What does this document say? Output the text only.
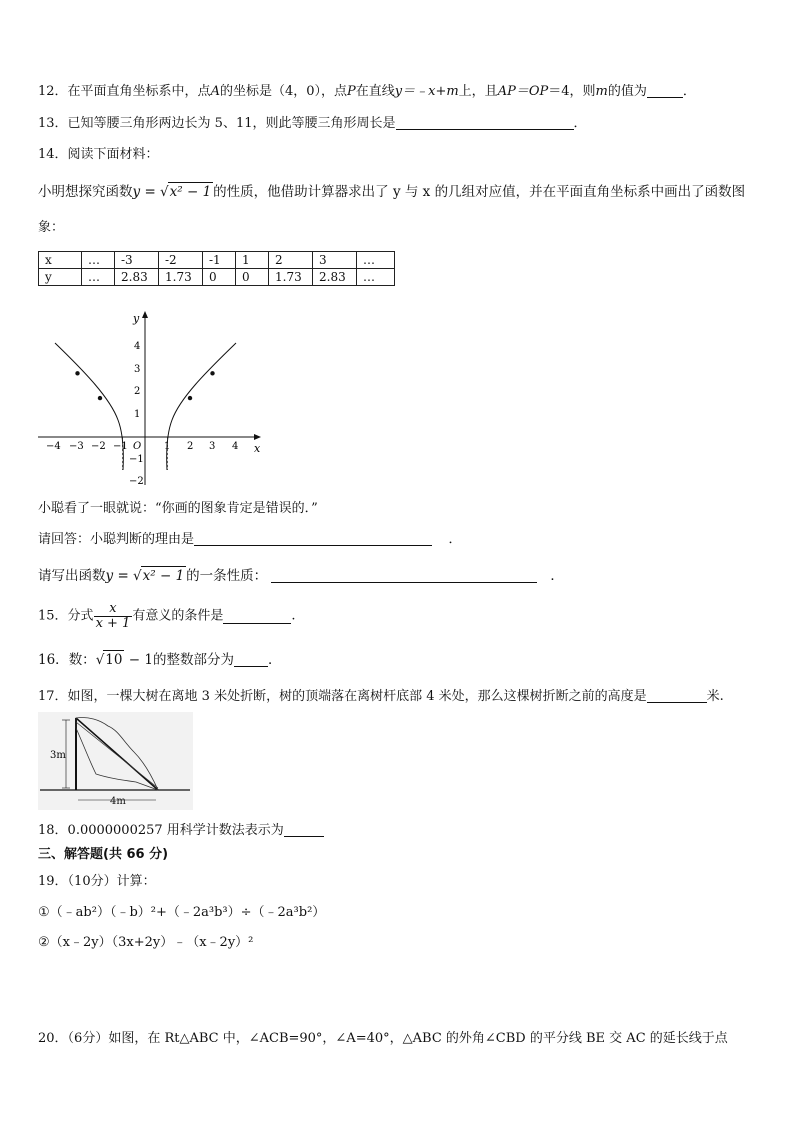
12．在平面直角坐标系中，点A的坐标是（4，0），点P在直线y＝﹣x+m上，且AP＝OP＝4，则m的值为	．
13．已知等腰三角形两边长为 5、11，则此等腰三角形周长是	．
14．阅读下面材料：
小明想探究函数y = √x² − 1 的性质，他借助计算器求出了 y 与 x 的几组对应值，并在平面直角坐标系中画出了函数图
象：
x	…	-3	-2	-1	1	2	3	…
y	…	2.83	1.73	0	0	1.73	2.83	…
x
y
O
−4 −3 −2 −1	1 2 3 4
4
3
2
1
−1
−2
小聪看了一眼就说：“你画的图象肯定是错误的．”
请回答：小聪判断的理由是	．
请写出函数y = √x² − 1 的一条性质：	．
15．分式 $\frac{x}{x + 1}$ 有意义的条件是	.
16．数：√10 − 1的整数部分为	．
17．如图，一棵大树在离地 3 米处折断，树的顶端落在离树杆底部 4 米处，那么这棵树折断之前的高度是	米.
3m
4m
18．0.0000000257 用科学计数法表示为
三、解答题(共 66 分)
19．（10分）计算：
①（﹣ab²）（﹣b）²+（﹣2a³b³）÷（﹣2a³b²）
②（x﹣2y）（3x+2y）﹣（x﹣2y）²
20．（6分）如图，在 Rt△ABC 中，∠ACB=90°，∠A=40°，△ABC 的外角∠CBD 的平分线 BE 交 AC 的延长线于点
